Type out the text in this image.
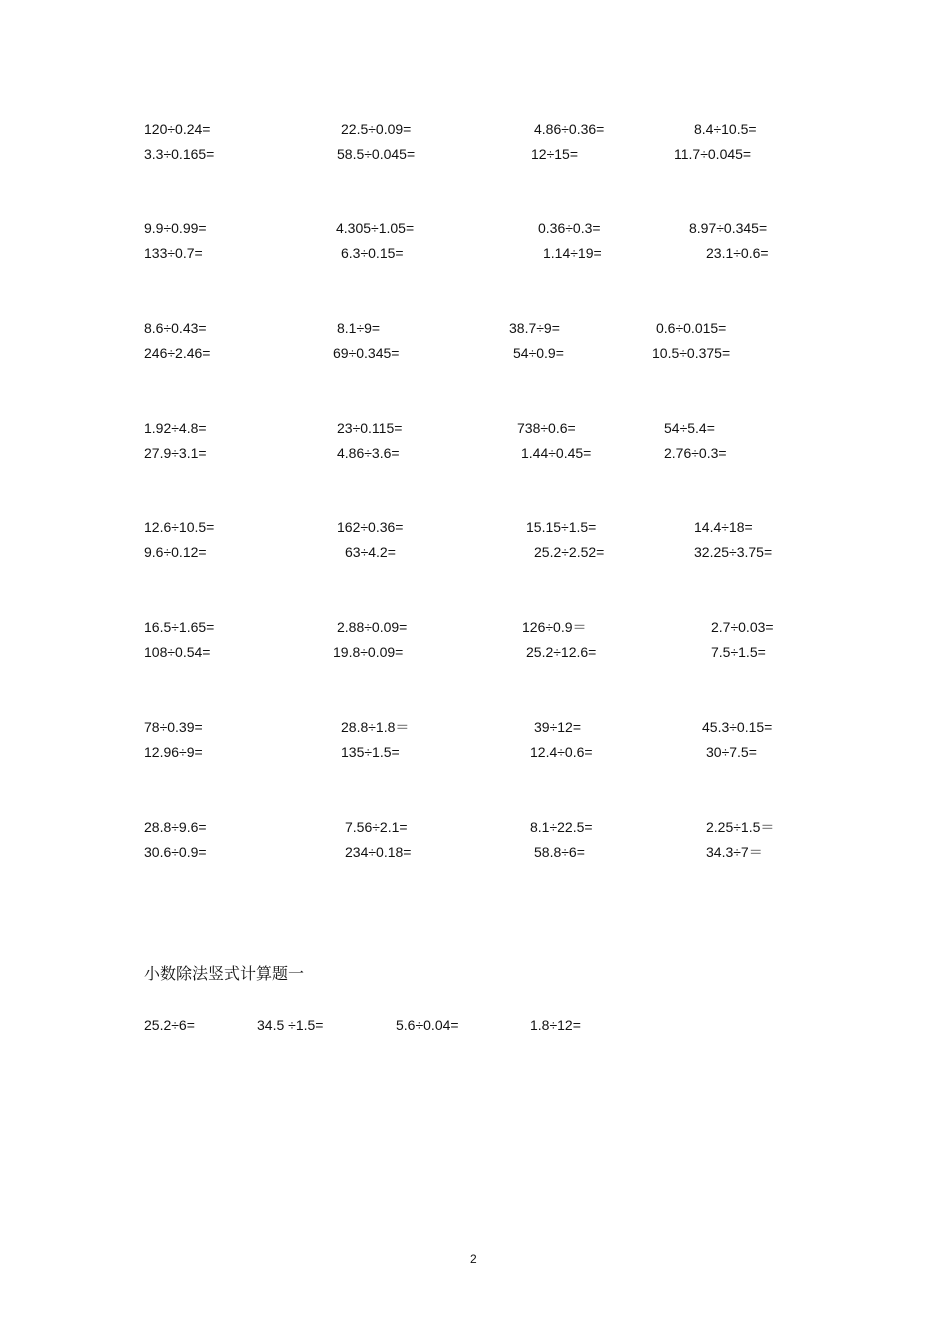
120÷0.24=	22.5÷0.09=	4.86÷0.36=	8.4÷10.5=
3.3÷0.165=	58.5÷0.045=	12÷15=	11.7÷0.045=
9.9÷0.99=	4.305÷1.05=	0.36÷0.3=	8.97÷0.345=
133÷0.7=	6.3÷0.15=	1.14÷19=	23.1÷0.6=
8.6÷0.43=	8.1÷9=	38.7÷9=	0.6÷0.015=
246÷2.46=	69÷0.345=	54÷0.9=	10.5÷0.375=
1.92÷4.8=	23÷0.115=	738÷0.6=	54÷5.4=
27.9÷3.1=	4.86÷3.6=	1.44÷0.45=	2.76÷0.3=
12.6÷10.5=	162÷0.36=	15.15÷1.5=	14.4÷18=
9.6÷0.12=	63÷4.2=	25.2÷2.52=	32.25÷3.75=
16.5÷1.65=	2.88÷0.09=	126÷0.9＝	2.7÷0.03=
108÷0.54=	19.8÷0.09=	25.2÷12.6=	7.5÷1.5=
78÷0.39=	28.8÷1.8＝	39÷12=	45.3÷0.15=
12.96÷9=	135÷1.5=	12.4÷0.6=	30÷7.5=
28.8÷9.6=	7.56÷2.1=	8.1÷22.5=	2.25÷1.5＝
30.6÷0.9=	234÷0.18=	58.8÷6=	34.3÷7＝
小数除法竖式计算题一
25.2÷6=	34.5 ÷1.5=	5.6÷0.04=	1.8÷12=
2
